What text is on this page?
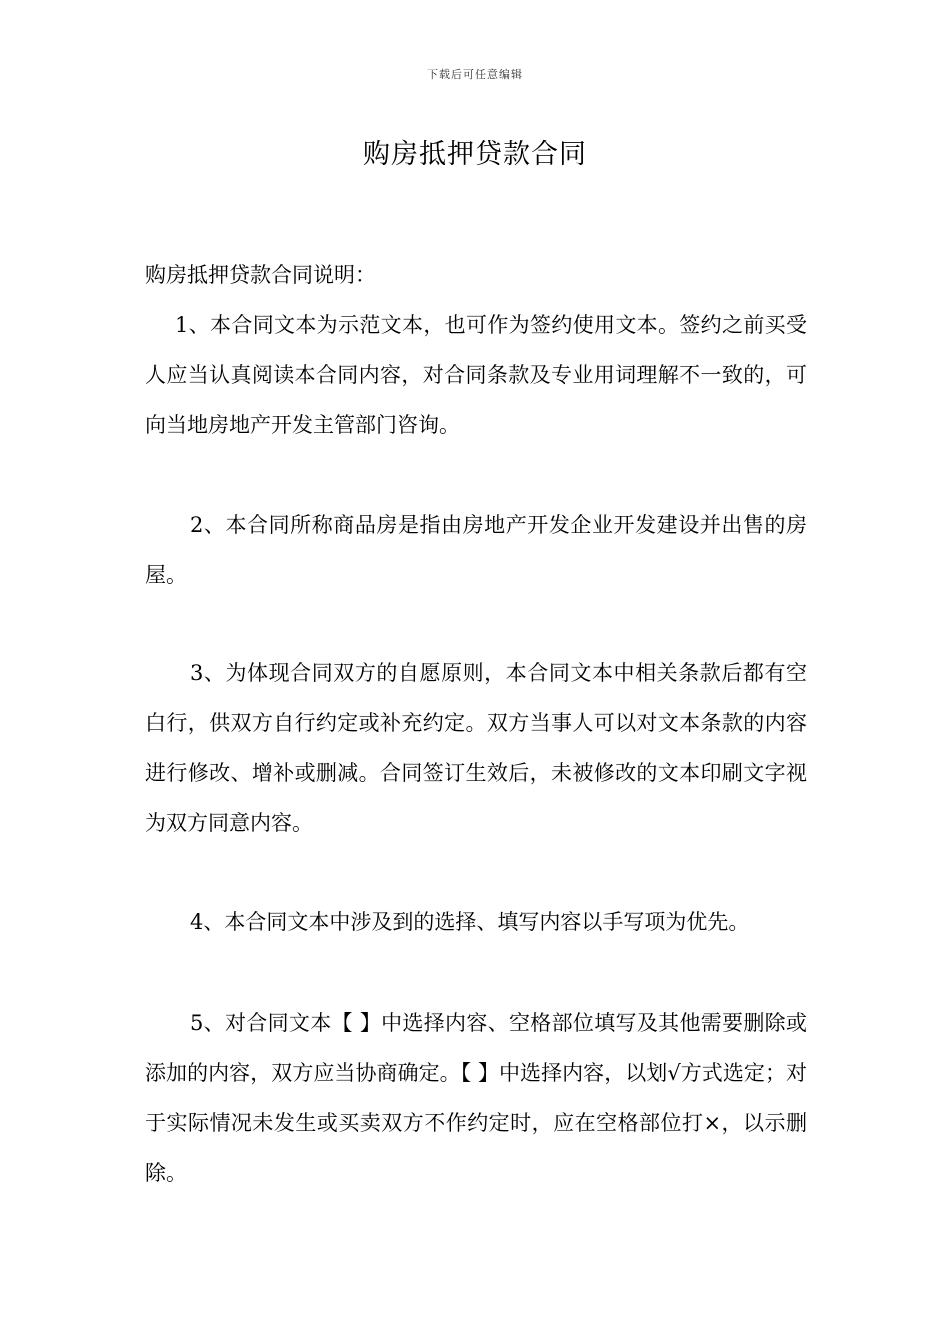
下载后可任意编辑
购房抵押贷款合同
购房抵押贷款合同说明：
1、本合同文本为示范文本，也可作为签约使用文本。签约之前买受人应当认真阅读本合同内容，对合同条款及专业用词理解不一致的，可向当地房地产开发主管部门咨询。
2、本合同所称商品房是指由房地产开发企业开发建设并出售的房屋。
3、为体现合同双方的自愿原则，本合同文本中相关条款后都有空白行，供双方自行约定或补充约定。双方当事人可以对文本条款的内容进行修改、增补或删减。合同签订生效后，未被修改的文本印刷文字视为双方同意内容。
4、本合同文本中涉及到的选择、填写内容以手写项为优先。
5、对合同文本【 】中选择内容、空格部位填写及其他需要删除或添加的内容，双方应当协商确定。【 】中选择内容，以划√方式选定；对于实际情况未发生或买卖双方不作约定时，应在空格部位打×，以示删除。
